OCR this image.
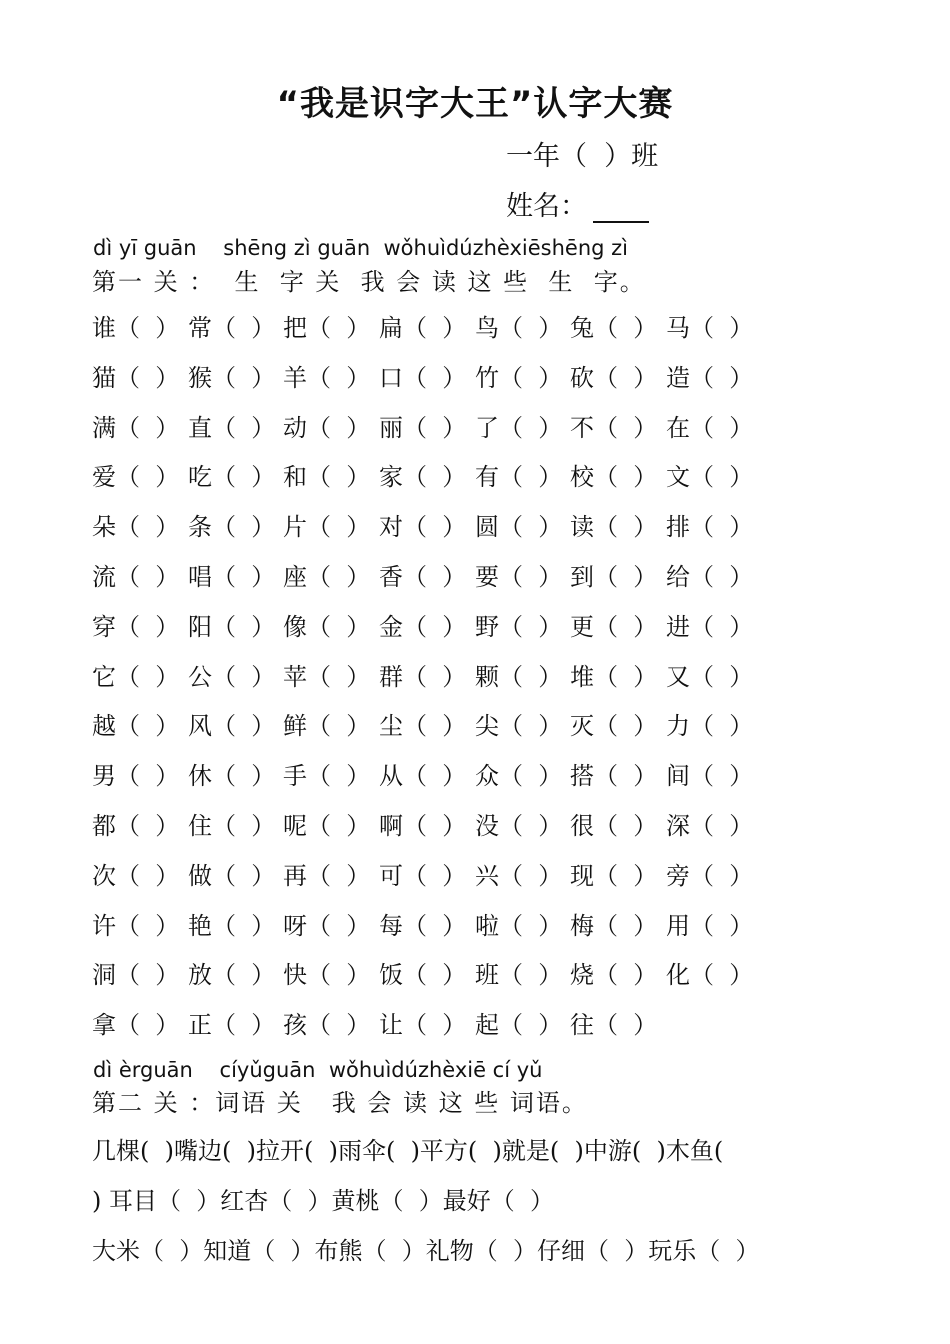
“我是识字大王”认字大赛
一年（  ）班
姓名：
dì yī guān    shēng zì guān  wǒhuìdúzhèxiēshēng zì
第一 关 ：  生  字 关  我 会 读 这 些  生  字。
谁（  ） 常（  ） 把（  ） 扁（  ） 鸟（  ） 兔（  ） 马（  ）
猫（  ） 猴（  ） 羊（  ） 口（  ） 竹（  ） 砍（  ） 造（  ）
满（  ） 直（  ） 动（  ） 丽（  ） 了（  ） 不（  ） 在（  ）
爱（  ） 吃（  ） 和（  ） 家（  ） 有（  ） 校（  ） 文（  ）
朵（  ） 条（  ） 片（  ） 对（  ） 圆（  ） 读（  ） 排（  ）
流（  ） 唱（  ） 座（  ） 香（  ） 要（  ） 到（  ） 给（  ）
穿（  ） 阳（  ） 像（  ） 金（  ） 野（  ） 更（  ） 进（  ）
它（  ） 公（  ） 苹（  ） 群（  ） 颗（  ） 堆（  ） 又（  ）
越（  ） 风（  ） 鲜（  ） 尘（  ） 尖（  ） 灭（  ） 力（  ）
男（  ） 休（  ） 手（  ） 从（  ） 众（  ） 搭（  ） 间（  ）
都（  ） 住（  ） 呢（  ） 啊（  ） 没（  ） 很（  ） 深（  ）
次（  ） 做（  ） 再（  ） 可（  ） 兴（  ） 现（  ） 旁（  ）
许（  ） 艳（  ） 呀（  ） 每（  ） 啦（  ） 梅（  ） 用（  ）
洞（  ） 放（  ） 快（  ） 饭（  ） 班（  ） 烧（  ） 化（  ）
拿（  ） 正（  ） 孩（  ） 让（  ） 起（  ） 往（  ）
dì èrguān    cíyǔguān  wǒhuìdúzhèxiē cí yǔ
第二 关 ：词语 关   我 会 读 这 些 词语。
几棵(  )嘴边(  )拉开(  )雨伞(  )平方(  )就是(  )中游(  )木鱼(
) 耳目（  ）红杏（  ）黄桃（  ）最好（  ）
大米（  ）知道（  ）布熊（  ）礼物（  ）仔细（  ）玩乐（  ）
